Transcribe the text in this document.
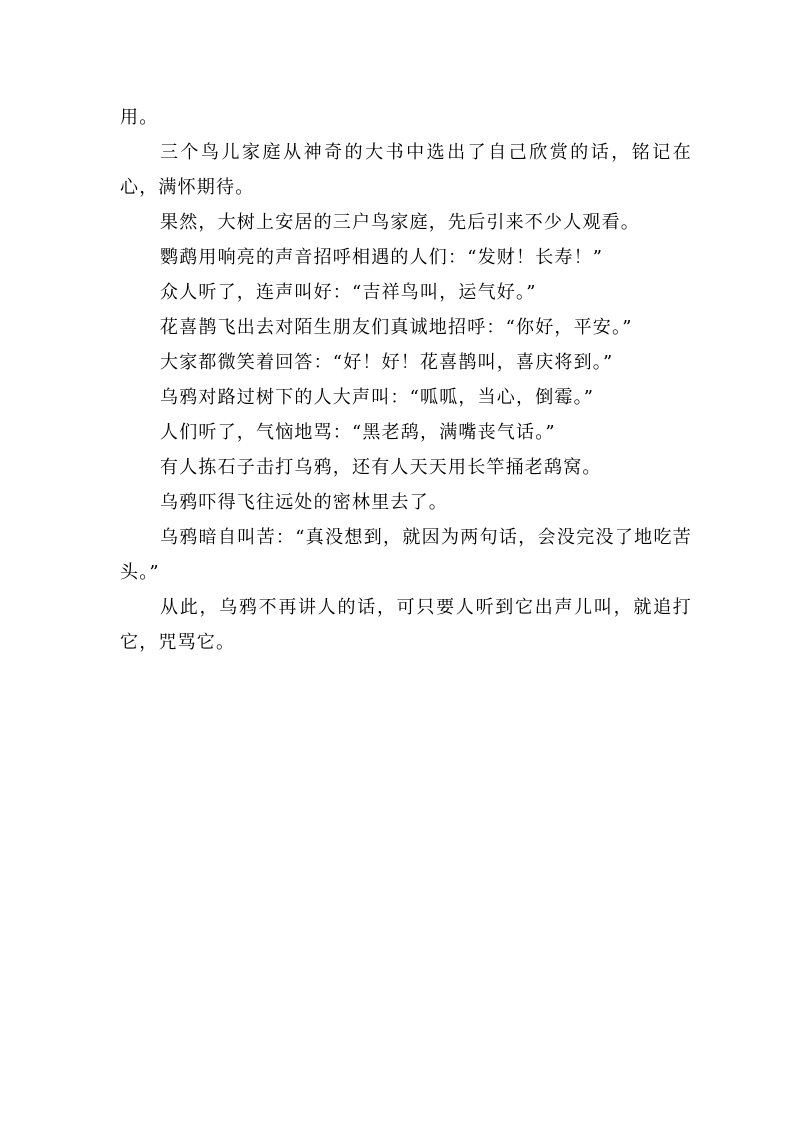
用。

三个鸟儿家庭从神奇的大书中选出了自己欣赏的话，铭记在心，满怀期待。

果然，大树上安居的三户鸟家庭，先后引来不少人观看。

鹦鹉用响亮的声音招呼相遇的人们：“发财！长寿！”

众人听了，连声叫好：“吉祥鸟叫，运气好。”

花喜鹊飞出去对陌生朋友们真诚地招呼：“你好，平安。”

大家都微笑着回答：“好！好！花喜鹊叫，喜庆将到。”

乌鸦对路过树下的人大声叫：“呱呱，当心，倒霉。”

人们听了，气恼地骂：“黑老鸹，满嘴丧气话。”

有人拣石子击打乌鸦，还有人天天用长竿捅老鸹窝。

乌鸦吓得飞往远处的密林里去了。

乌鸦暗自叫苦：“真没想到，就因为两句话，会没完没了地吃苦头。”

从此，乌鸦不再讲人的话，可只要人听到它出声儿叫，就追打它，咒骂它。
